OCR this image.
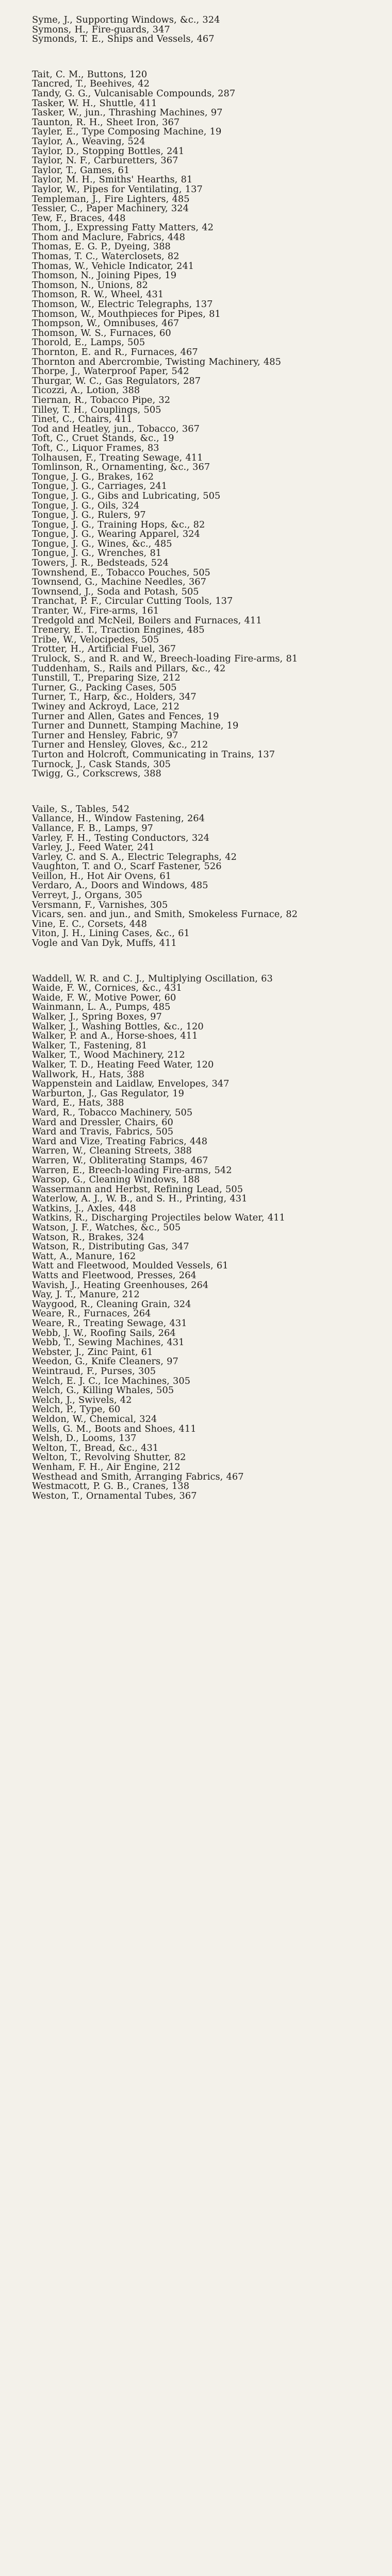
Syme, J., Supporting Windows, &c., 324

Symons, H., Fire-guards, 347

Symonds, T. E., Ships and Vessels, 467

Tait, C. M., Buttons, 120

Tancred, T., Beehives, 42

Tandy, G. G., Vulcanisable Compounds, 287

Tasker, W. H., Shuttle, 411

Tasker, W., jun., Thrashing Machines, 97

Taunton, R. H., Sheet Iron, 367

Tayler, E., Type Composing Machine, 19

Taylor, A., Weaving, 524

Taylor, D., Stopping Bottles, 241

Taylor, N. F., Carburetters, 367

Taylor, T., Games, 61

Taylor, M. H., Smiths' Hearths, 81

Taylor, W., Pipes for Ventilating, 137

Templeman, J., Fire Lighters, 485

Tessier, C., Paper Machinery, 324

Tew, F., Braces, 448

Thom, J., Expressing Fatty Matters, 42

Thom and Maclure, Fabrics, 448

Thomas, E. G. P., Dyeing, 388

Thomas, T. C., Waterclosets, 82

Thomas, W., Vehicle Indicator, 241

Thomson, N., Joining Pipes, 19

Thomson, N., Unions, 82

Thomson, R. W., Wheel, 431

Thomson, W., Electric Telegraphs, 137

Thomson, W., Mouthpieces for Pipes, 81

Thompson, W., Omnibuses, 467

Thomson, W. S., Furnaces, 60

Thorold, E., Lamps, 505

Thornton, E. and R., Furnaces, 467

Thornton and Abercrombie, Twisting Machinery, 485

Thorpe, J., Waterproof Paper, 542

Thurgar, W. C., Gas Regulators, 287

Ticozzi, A., Lotion, 388

Tiernan, R., Tobacco Pipe, 32

Tilley, T. H., Couplings, 505

Tinet, C., Chairs, 411

Tod and Heatley, jun., Tobacco, 367

Toft, C., Cruet Stands, &c., 19

Toft, C., Liquor Frames, 83

Tolhausen, F., Treating Sewage, 411

Tomlinson, R., Ornamenting, &c., 367

Tongue, J. G., Brakes, 162

Tongue, J. G., Carriages, 241

Tongue, J. G., Gibs and Lubricating, 505

Tongue, J. G., Oils, 324

Tongue, J. G., Rulers, 97

Tongue, J. G., Training Hops, &c., 82

Tongue, J. G., Wearing Apparel, 324

Tongue, J. G., Wines, &c., 485

Tongue, J. G., Wrenches, 81

Towers, J. R., Bedsteads, 524

Townshend, E., Tobacco Pouches, 505

Townsend, G., Machine Needles, 367

Townsend, J., Soda and Potash, 505

Tranchat, P. F., Circular Cutting Tools, 137

Tranter, W., Fire-arms, 161

Tredgold and McNeil, Boilers and Furnaces, 411

Trenery, E. T., Traction Engines, 485

Tribe, W., Velocipedes, 505

Trotter, H., Artificial Fuel, 367

Trulock, S., and R. and W., Breech-loading Fire-arms, 81

Tuddenham, S., Rails and Pillars, &c., 42

Tunstill, T., Preparing Size, 212

Turner, G., Packing Cases, 505

Turner, T., Harp, &c., Holders, 347

Twiney and Ackroyd, Lace, 212

Turner and Allen, Gates and Fences, 19

Turner and Dunnett, Stamping Machine, 19

Turner and Hensley, Fabric, 97

Turner and Hensley, Gloves, &c., 212

Turton and Holcroft, Communicating in Trains, 137

Turnock, J., Cask Stands, 305

Twigg, G., Corkscrews, 388

Vaile, S., Tables, 542

Vallance, H., Window Fastening, 264

Vallance, F. B., Lamps, 97

Varley, F. H., Testing Conductors, 324

Varley, J., Feed Water, 241

Varley, C. and S. A., Electric Telegraphs, 42

Vaughton, T. and O., Scarf Fastener, 526

Veillon, H., Hot Air Ovens, 61

Verdaro, A., Doors and Windows, 485

Verreyt, J., Organs, 305

Versmann, F., Varnishes, 305

Vicars, sen. and jun., and Smith, Smokeless Furnace, 82

Vine, E. C., Corsets, 448

Viton, J. H., Lining Cases, &c., 61

Vogle and Van Dyk, Muffs, 411

Waddell, W. R. and C. J., Multiplying Oscillation, 63

Waide, F. W., Cornices, &c., 431

Waide, F. W., Motive Power, 60

Wainmann, L. A., Pumps, 485

Walker, J., Spring Boxes, 97

Walker, J., Washing Bottles, &c., 120

Walker, P. and A., Horse-shoes, 411

Walker, T., Fastening, 81

Walker, T., Wood Machinery, 212

Walker, T. D., Heating Feed Water, 120

Wallwork, H., Hats, 388

Wappenstein and Laidlaw, Envelopes, 347

Warburton, J., Gas Regulator, 19

Ward, E., Hats, 388

Ward, R., Tobacco Machinery, 505

Ward and Dressler, Chairs, 60

Ward and Travis, Fabrics, 505

Ward and Vize, Treating Fabrics, 448

Warren, W., Cleaning Streets, 388

Warren, W., Obliterating Stamps, 467

Warren, E., Breech-loading Fire-arms, 542

Warsop, G., Cleaning Windows, 188

Wassermann and Herbst, Refining Lead, 505

Waterlow, A. J., W. B., and S. H., Printing, 431

Watkins, J., Axles, 448

Watkins, R., Discharging Projectiles below Water, 411

Watson, J. F., Watches, &c., 505

Watson, R., Brakes, 324

Watson, R., Distributing Gas, 347

Watt, A., Manure, 162

Watt and Fleetwood, Moulded Vessels, 61

Watts and Fleetwood, Presses, 264

Wavish, J., Heating Greenhouses, 264

Way, J. T., Manure, 212

Waygood, R., Cleaning Grain, 324

Weare, R., Furnaces, 264

Weare, R., Treating Sewage, 431

Webb, J. W., Roofing Sails, 264

Webb, T., Sewing Machines, 431

Webster, J., Zinc Paint, 61

Weedon, G., Knife Cleaners, 97

Weintraud, F., Purses, 305

Welch, E. J. C., Ice Machines, 305

Welch, G., Killing Whales, 505

Welch, J., Swivels, 42

Welch, P., Type, 60

Weldon, W., Chemical, 324

Wells, G. M., Boots and Shoes, 411

Welsh, D., Looms, 137

Welton, T., Bread, &c., 431

Welton, T., Revolving Shutter, 82

Wenham, F. H., Air Engine, 212

Westhead and Smith, Arranging Fabrics, 467

Westmacott, P. G. B., Cranes, 138

Weston, T., Ornamental Tubes, 367
